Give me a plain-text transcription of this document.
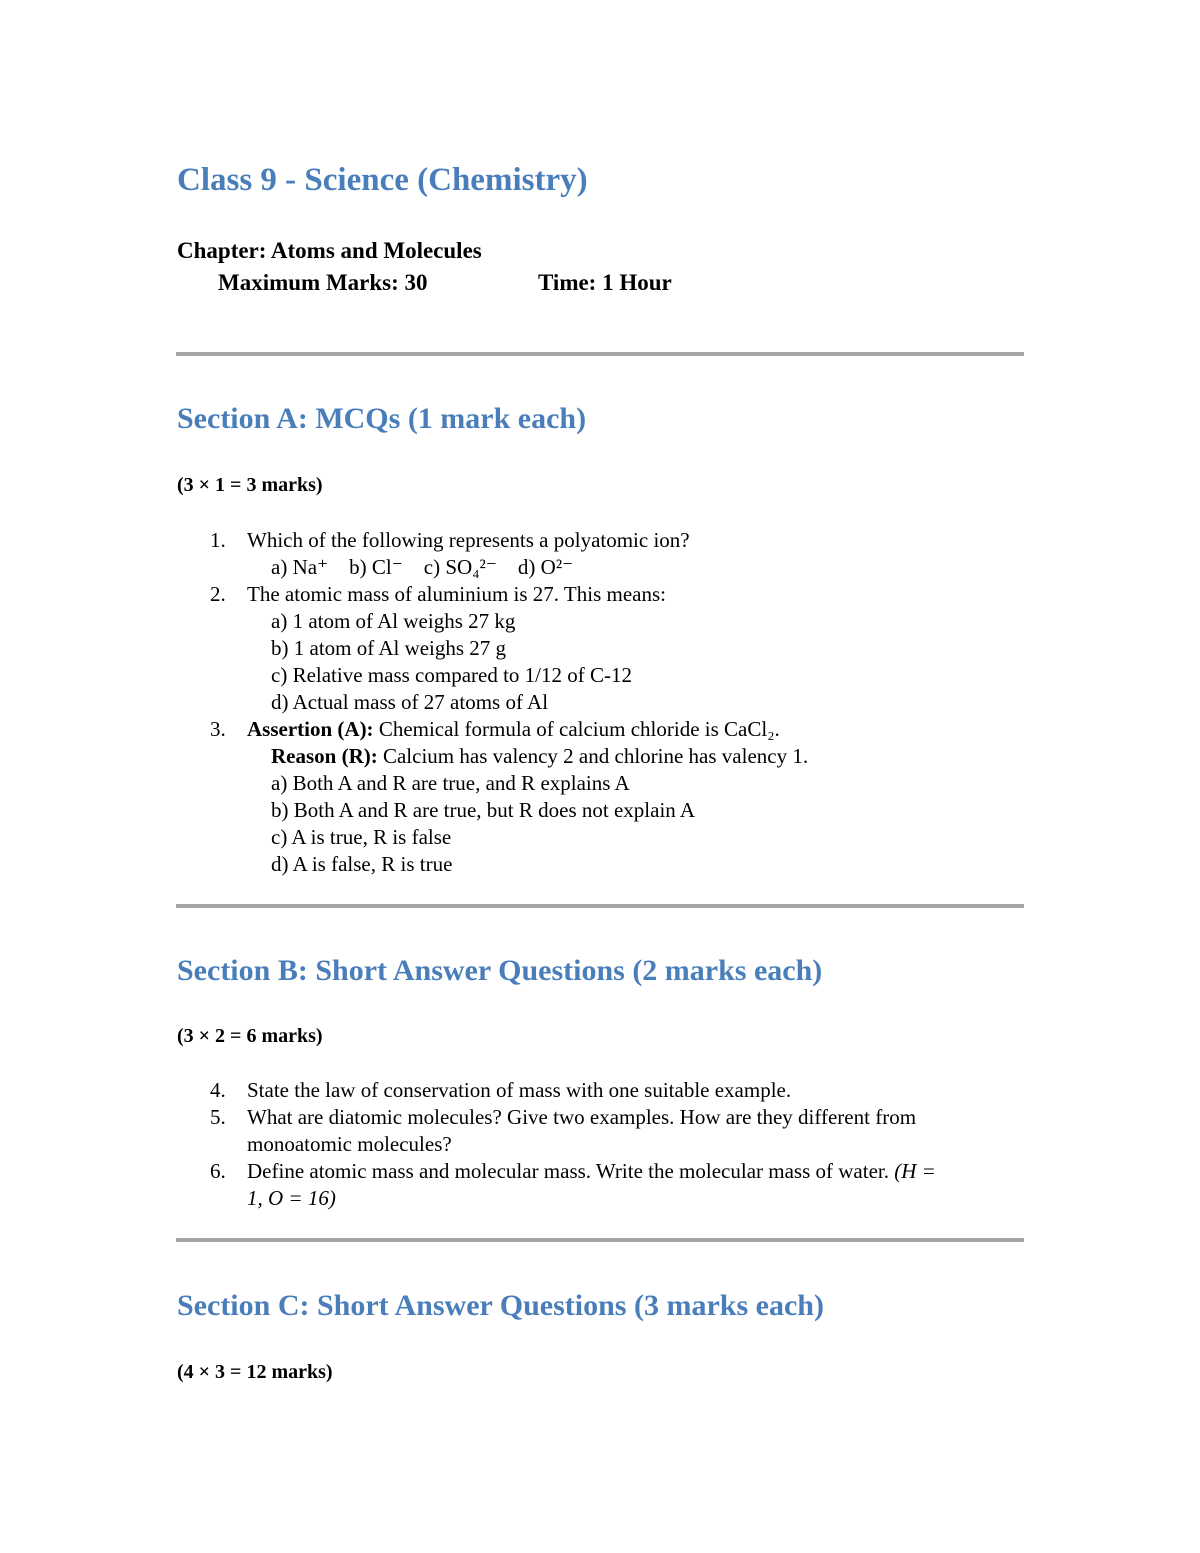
Class 9 - Science (Chemistry)
Chapter: Atoms and Molecules
Maximum Marks: 30	Time: 1 Hour
Section A: MCQs (1 mark each)
(3 × 1 = 3 marks)
1. Which of the following represents a polyatomic ion?
a) Na⁺    b) Cl⁻    c) SO₄²⁻    d) O²⁻
2. The atomic mass of aluminium is 27. This means:
a) 1 atom of Al weighs 27 kg
b) 1 atom of Al weighs 27 g
c) Relative mass compared to 1/12 of C-12
d) Actual mass of 27 atoms of Al
3. Assertion (A): Chemical formula of calcium chloride is CaCl₂.
Reason (R): Calcium has valency 2 and chlorine has valency 1.
a) Both A and R are true, and R explains A
b) Both A and R are true, but R does not explain A
c) A is true, R is false
d) A is false, R is true
Section B: Short Answer Questions (2 marks each)
(3 × 2 = 6 marks)
4. State the law of conservation of mass with one suitable example.
5. What are diatomic molecules? Give two examples. How are they different from
monoatomic molecules?
6. Define atomic mass and molecular mass. Write the molecular mass of water. (H =
1, O = 16)
Section C: Short Answer Questions (3 marks each)
(4 × 3 = 12 marks)
